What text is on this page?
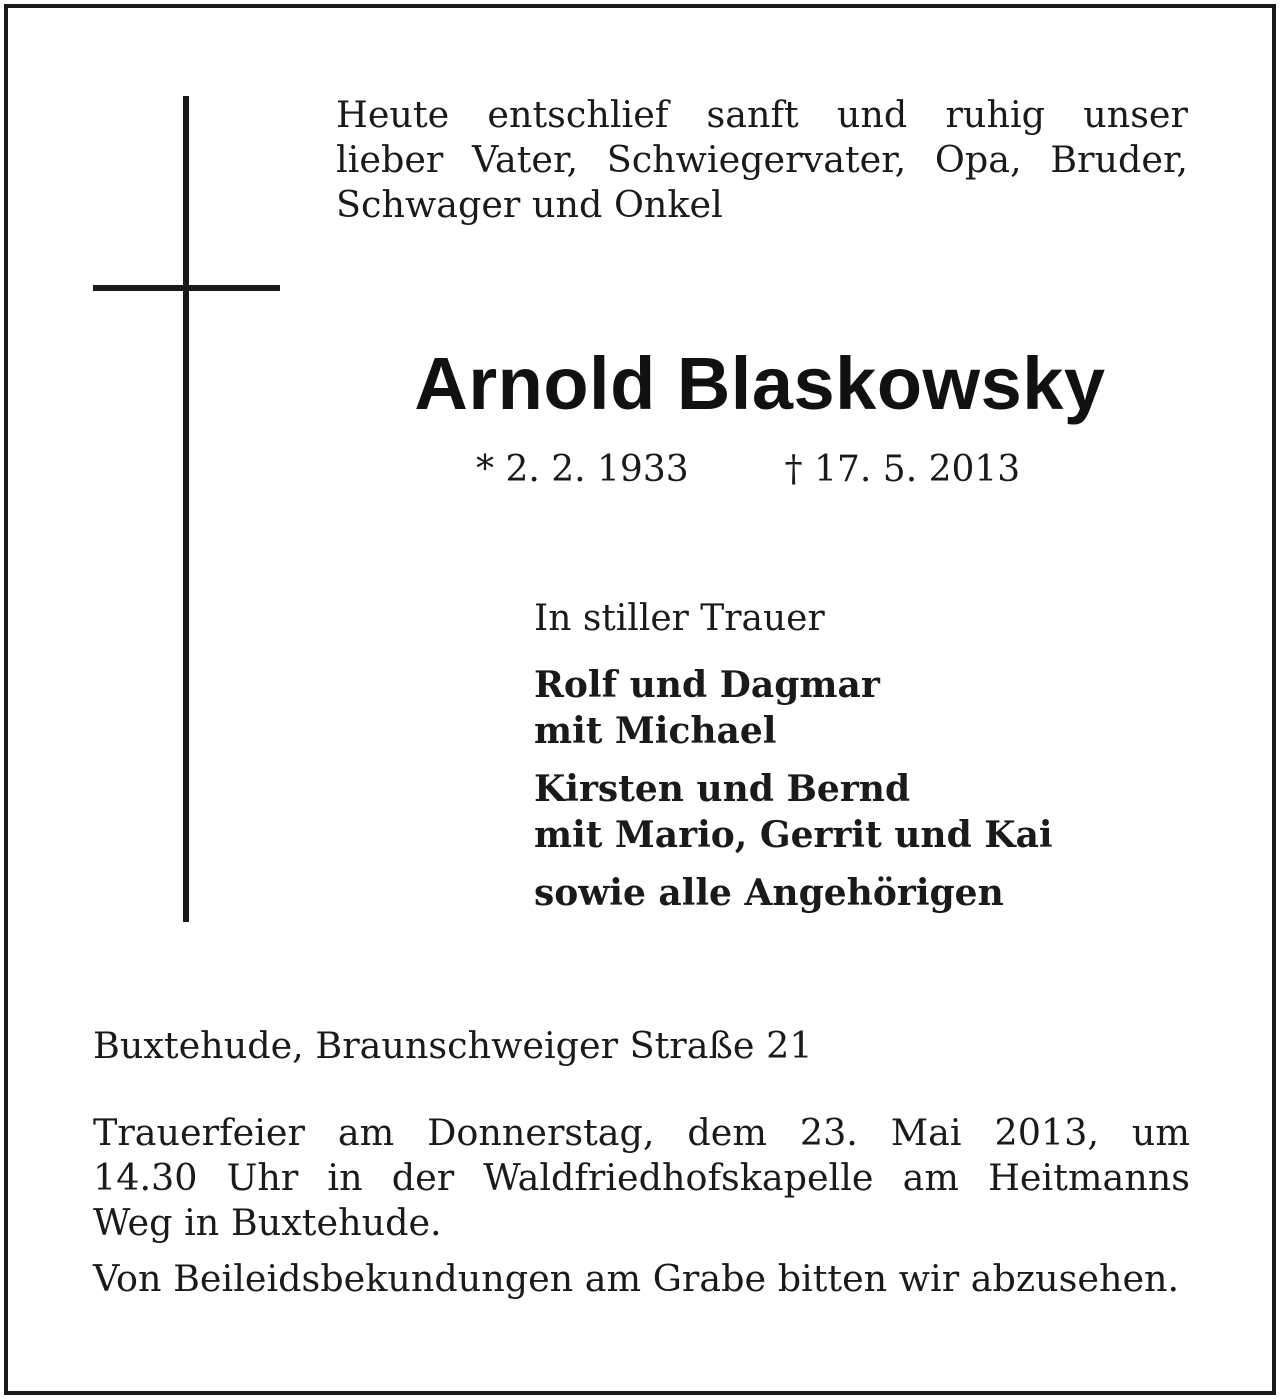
Heute entschlief sanft und ruhig unser

lieber Vater, Schwiegervater, Opa, Bruder,

Schwager und Onkel

Arnold Blaskowsky
* 2. 2. 1933	† 17. 5. 2013

In stiller Trauer

Rolf und Dagmar
mit Michael
Kirsten und Bernd
mit Mario, Gerrit und Kai
sowie alle Angehörigen
Buxtehude, Braunschweiger Straße 21
Trauerfeier am Donnerstag, dem 23. Mai 2013, um
14.30 Uhr in der Waldfriedhofskapelle am Heitmanns
Weg in Buxtehude.
Von Beileidsbekundungen am Grabe bitten wir abzusehen.
